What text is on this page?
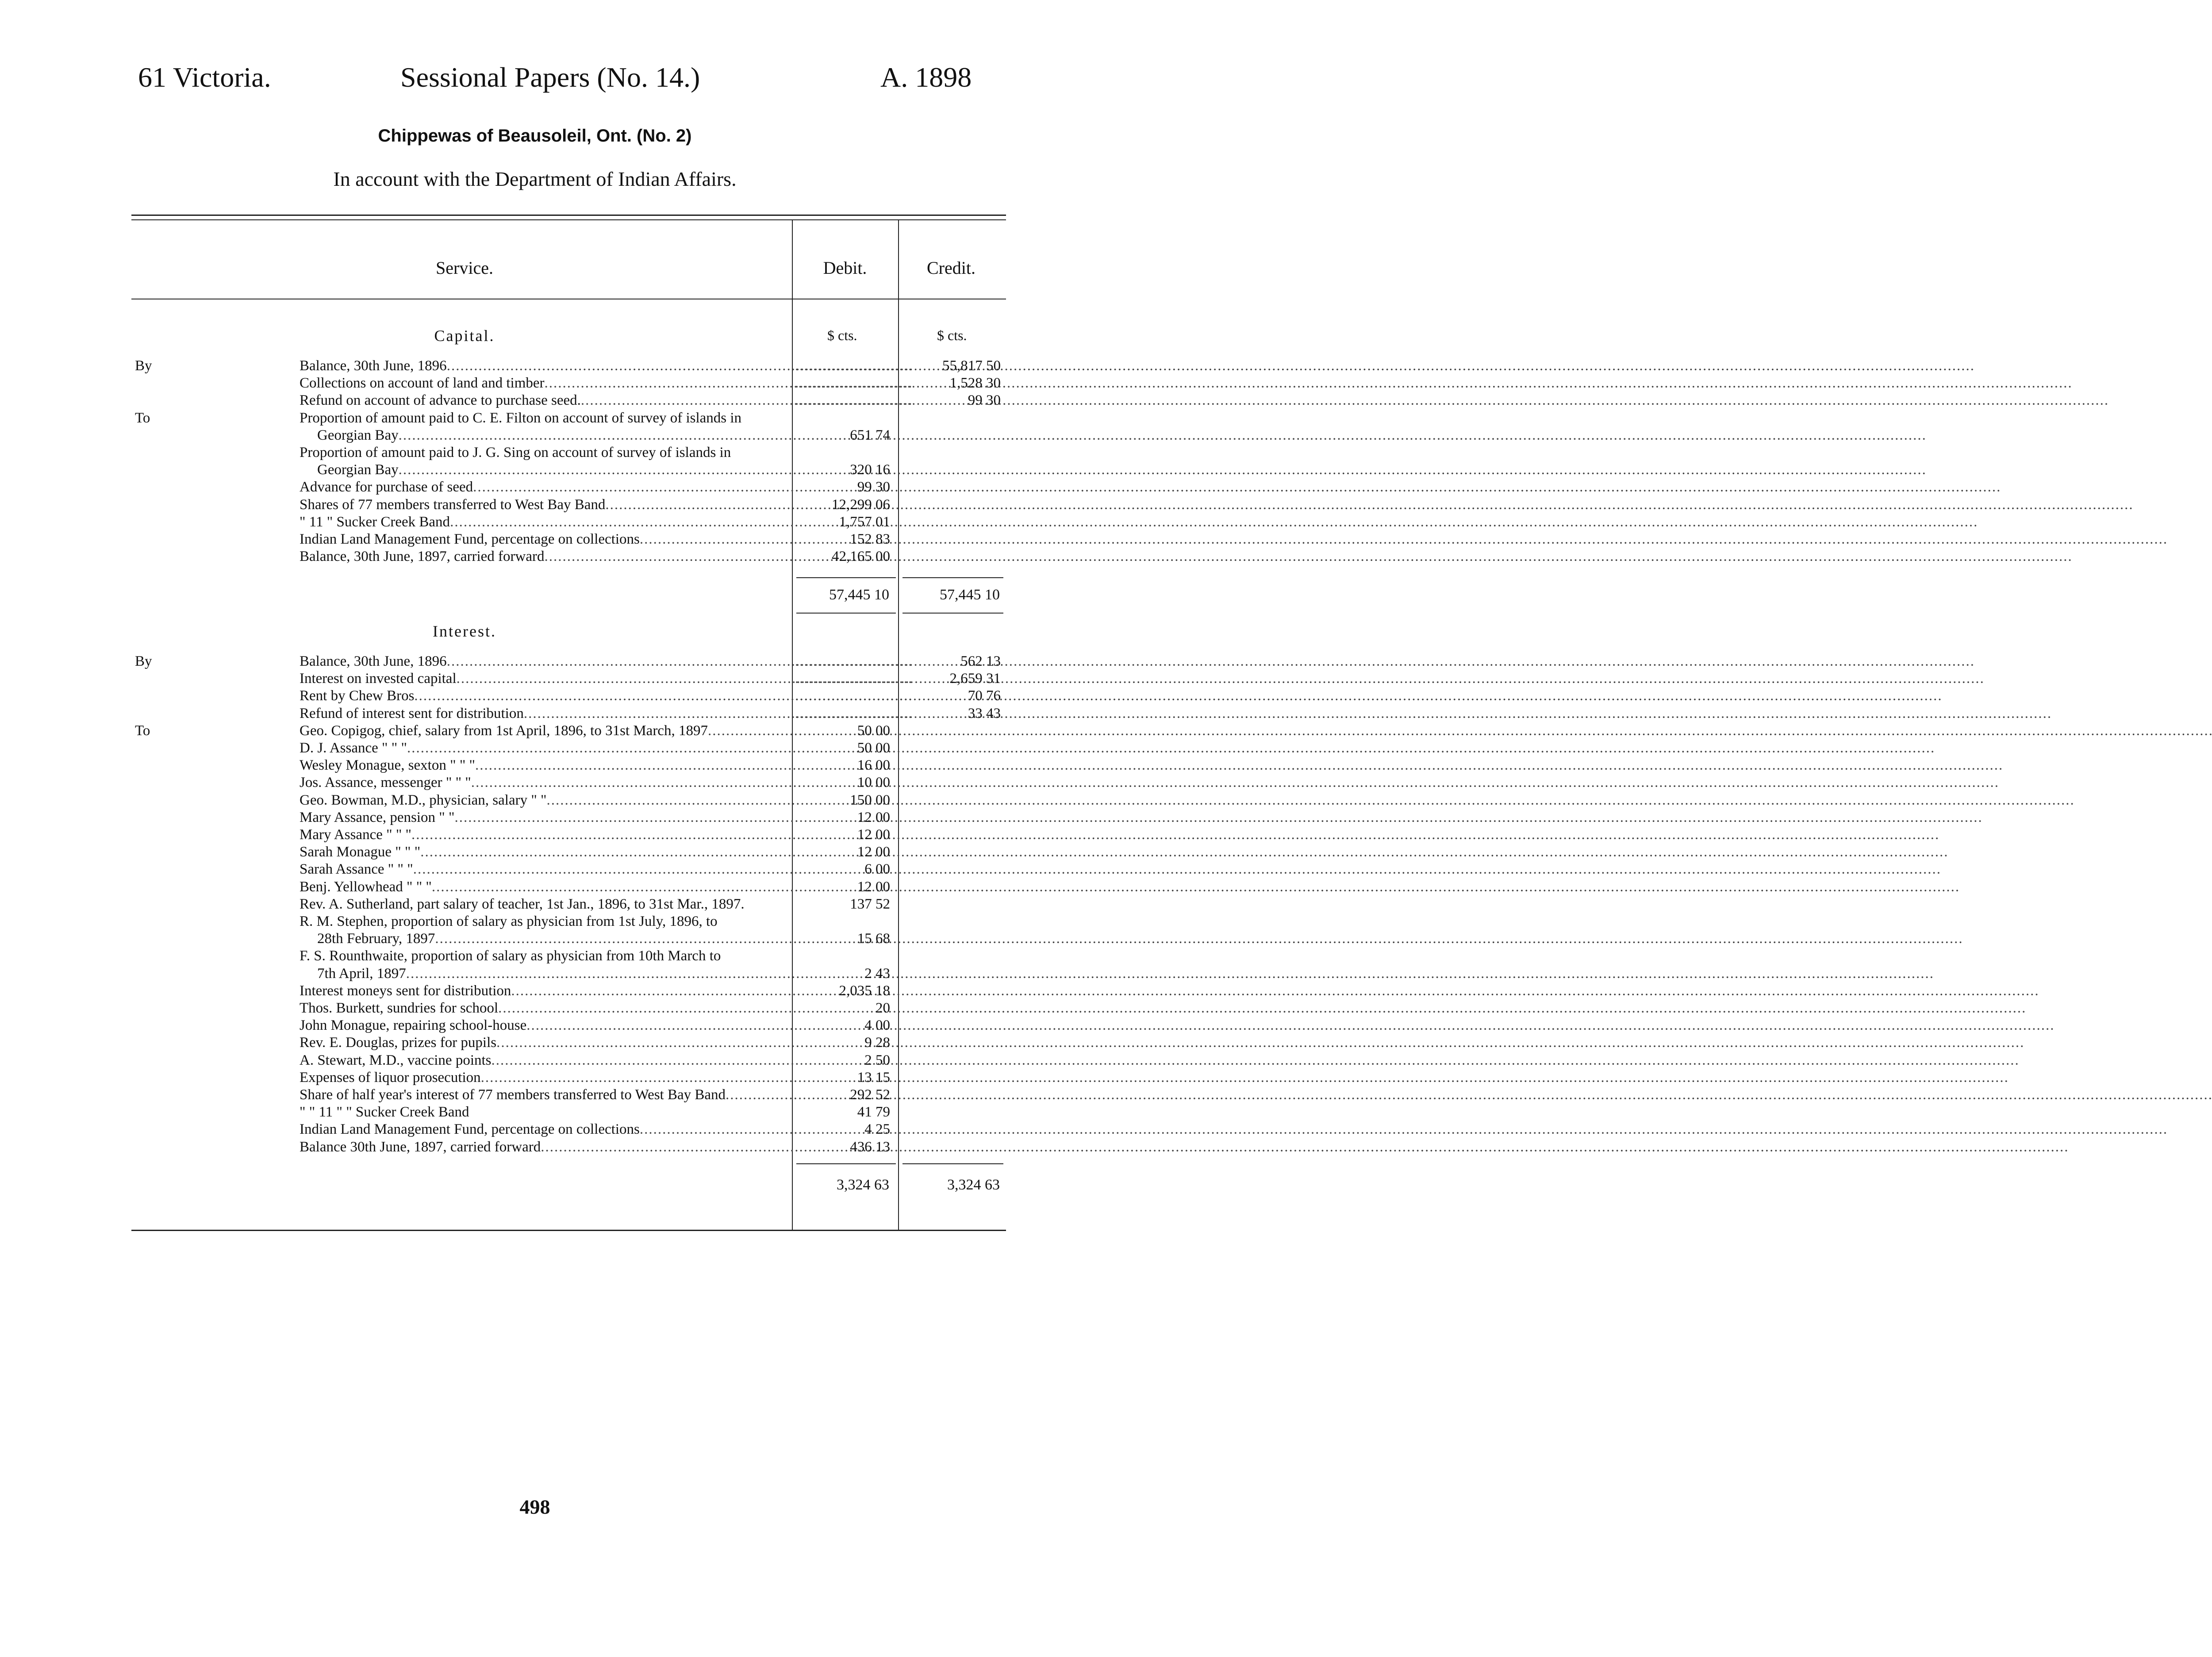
61 Victoria.	Sessional Papers (No. 14.)	A. 1898
Chippewas of Beausoleil, Ont. (No. 2)
In account with the Department of Indian Affairs.
Service.	Debit.	Credit.
Capital.	$ cts.	$ cts.
By	Balance, 30th June, 1896 .....	..........................	55,817 50
Collections on account of land and timber .....	..........................	1,528 30
Refund on account of advance to purchase seed. .....	..........................	99 30
To	Proportion of amount paid to C. E. Filton on account of survey of islands in
Georgian Bay .....	651 74
Proportion of amount paid to J. G. Sing on account of survey of islands in
Georgian Bay .....	320 16
Advance for purchase of seed .....	99 30
Shares of 77 members transferred to West Bay Band .....	12,299 06
" 11 " Sucker Creek Band .....	1,757 01
Indian Land Management Fund, percentage on collections .....	152 83
Balance, 30th June, 1897, carried forward .....	42,165 00
57,445 10	57,445 10
Interest.
By	Balance, 30th June, 1896 .....	..........................	562 13
Interest on invested capital .....	..........................	2,659 31
Rent by Chew Bros .....	..........................	70 76
Refund of interest sent for distribution .....	..........................	33 43
To	Geo. Copigog, chief, salary from 1st April, 1896, to 31st March, 1897 .....	50 00
D. J. Assance " " " .....	50 00
Wesley Monague, sexton " " " .....	16 00
Jos. Assance, messenger " " " .....	10 00
Geo. Bowman, M.D., physician, salary " " .....	150 00
Mary Assance, pension " " .....	12 00
Mary Assance " " " .....	12 00
Sarah Monague " " " .....	12 00
Sarah Assance " " " .....	6 00
Benj. Yellowhead " " " .....	12 00
Rev. A. Sutherland, part salary of teacher, 1st Jan., 1896, to 31st Mar., 1897.	137 52
R. M. Stephen, proportion of salary as physician from 1st July, 1896, to
28th February, 1897 .....	15 68
F. S. Rounthwaite, proportion of salary as physician from 10th March to
7th April, 1897 .....	2 43
Interest moneys sent for distribution .....	2,035 18
Thos. Burkett, sundries for school .....	20
John Monague, repairing school-house .....	4 00
Rev. E. Douglas, prizes for pupils .....	9 28
A. Stewart, M.D., vaccine points .....	2 50
Expenses of liquor prosecution .....	13 15
Share of half year's interest of 77 members transferred to West Bay Band .....	292 52
" " 11 " " Sucker Creek Band	41 79
Indian Land Management Fund, percentage on collections .....	4 25
Balance 30th June, 1897, carried forward .....	436 13
3,324 63	3,324 63
498
